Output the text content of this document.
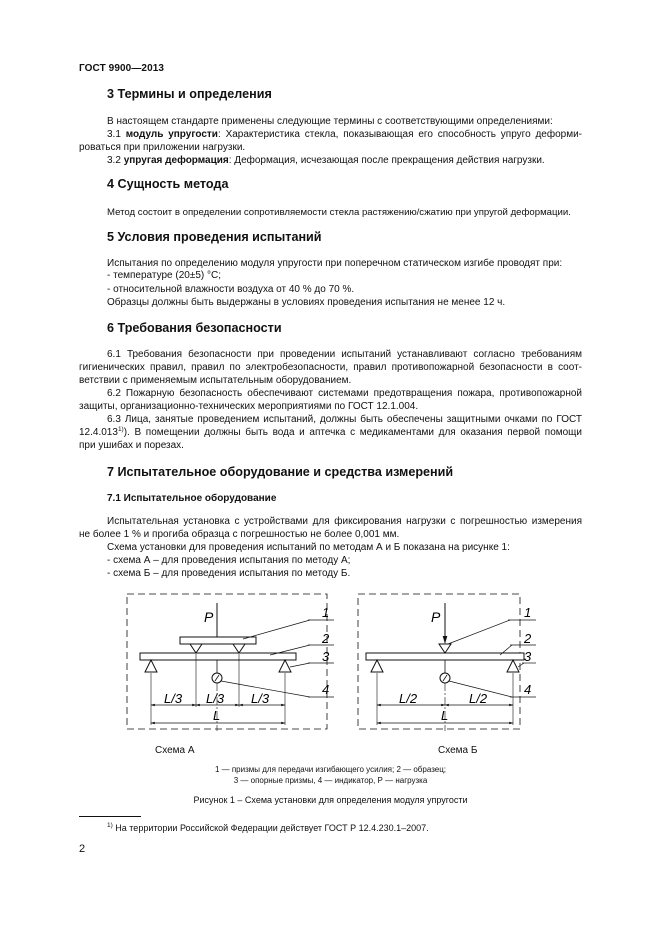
ГОСТ 9900—2013
3 Термины и определения
В настоящем стандарте применены следующие термины с соответствующими определениями:
3.1 модуль упругости: Характеристика стекла, показывающая его способность упруго деформи-
роваться при приложении нагрузки.
3.2 упругая деформация: Деформация, исчезающая после прекращения действия нагрузки.
4 Сущность метода
Метод состоит в определении сопротивляемости стекла растяжению/сжатию при упругой деформации.
5 Условия проведения испытаний
Испытания по определению модуля упругости при поперечном статическом изгибе проводят при:
- температуре (20±5) °С;
- относительной влажности воздуха от 40 % до 70 %.
Образцы должны быть выдержаны в условиях проведения испытания не менее 12 ч.
6 Требования безопасности
6.1 Требования безопасности при проведении испытаний устанавливают согласно требованиям
гигиенических правил, правил по электробезопасности, правил противопожарной безопасности в соот-
ветствии с применяемым испытательным оборудованием.
6.2 Пожарную безопасность обеспечивают системами предотвращения пожара, противопожарной
защиты, организационно-технических мероприятиями по ГОСТ 12.1.004.
6.3 Лица, занятые проведением испытаний, должны быть обеспечены защитными очками по ГОСТ
12.4.013$^{1)}$). В помещении должны быть вода и аптечка с медикаментами для оказания первой помощи
при ушибах и порезах.
7 Испытательное оборудование и средства измерений
7.1 Испытательное оборудование
Испытательная установка с устройствами для фиксирования нагрузки с погрешностью измерения
не более 1 % и прогиба образца с погрешностью не более 0,001 мм.
Схема установки для проведения испытаний по методам А и Б показана на рисунке 1:
- схема А – для проведения испытания по методу А;
- схема Б – для проведения испытания по методу Б.
P
L/3 L/3 L/3
L
1
2
3
4
P
L/2	L/2
L
1
2
3
4
Схема А	Схема Б
1 — призмы для передачи изгибающего усилия; 2 — образец;
3 — опорные призмы, 4 — индикатор, Р — нагрузка
Рисунок 1 – Схема установки для определения модуля упругости
$^{1)}$ На территории Российской Федерации действует ГОСТ Р 12.4.230.1–2007.
2
